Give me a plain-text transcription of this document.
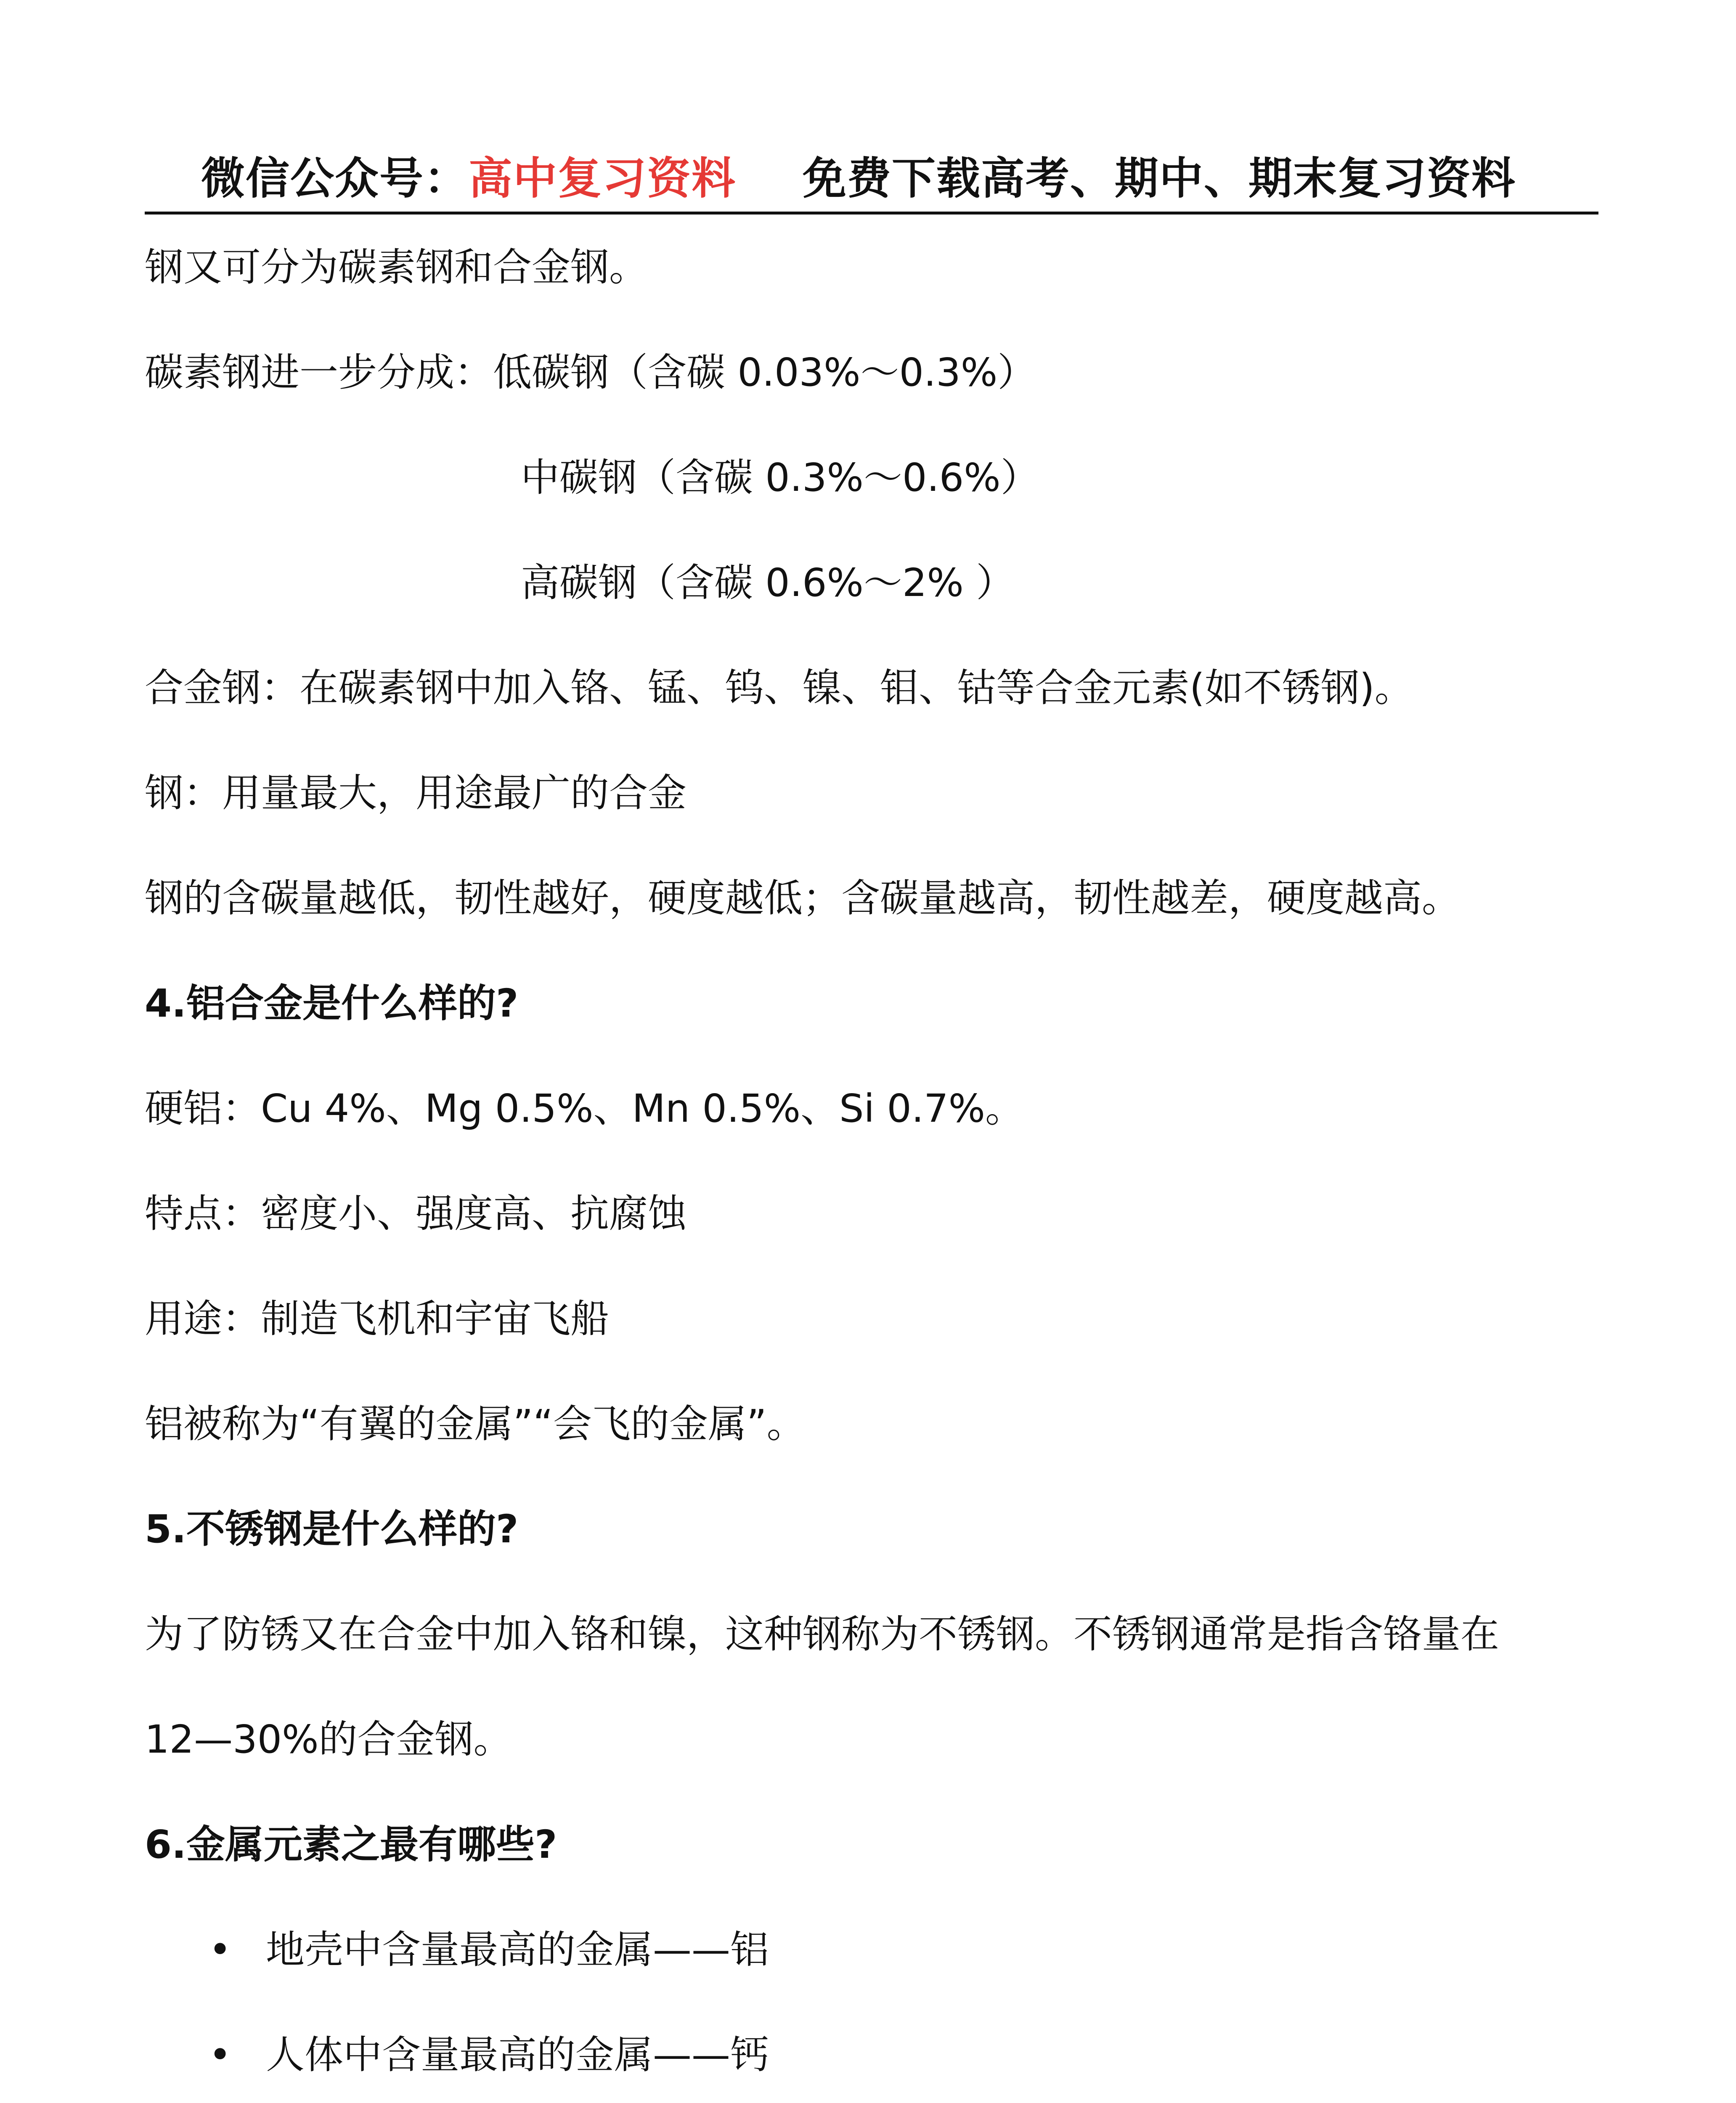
微信公众号：高中复习资料 免费下载高考、期中、期末复习资料
钢又可分为碳素钢和合金钢。
碳素钢进一步分成：低碳钢（含碳 0.03%～0.3%）
中碳钢（含碳 0.3%～0.6%）
高碳钢（含碳 0.6%～2% ）
合金钢：在碳素钢中加入铬、锰、钨、镍、钼、钴等合金元素(如不锈钢)。
钢：用量最大，用途最广的合金
钢的含碳量越低，韧性越好，硬度越低；含碳量越高，韧性越差，硬度越高。
4.铝合金是什么样的?
硬铝：Cu 4%、Mg 0.5%、Mn 0.5%、Si 0.7%。
特点：密度小、强度高、抗腐蚀
用途：制造飞机和宇宙飞船
铝被称为“有翼的金属”“会飞的金属”。
5.不锈钢是什么样的?
为了防锈又在合金中加入铬和镍，这种钢称为不锈钢。不锈钢通常是指含铬量在
12—30%的合金钢。
6.金属元素之最有哪些?
• 地壳中含量最高的金属——铝
• 人体中含量最高的金属——钙
